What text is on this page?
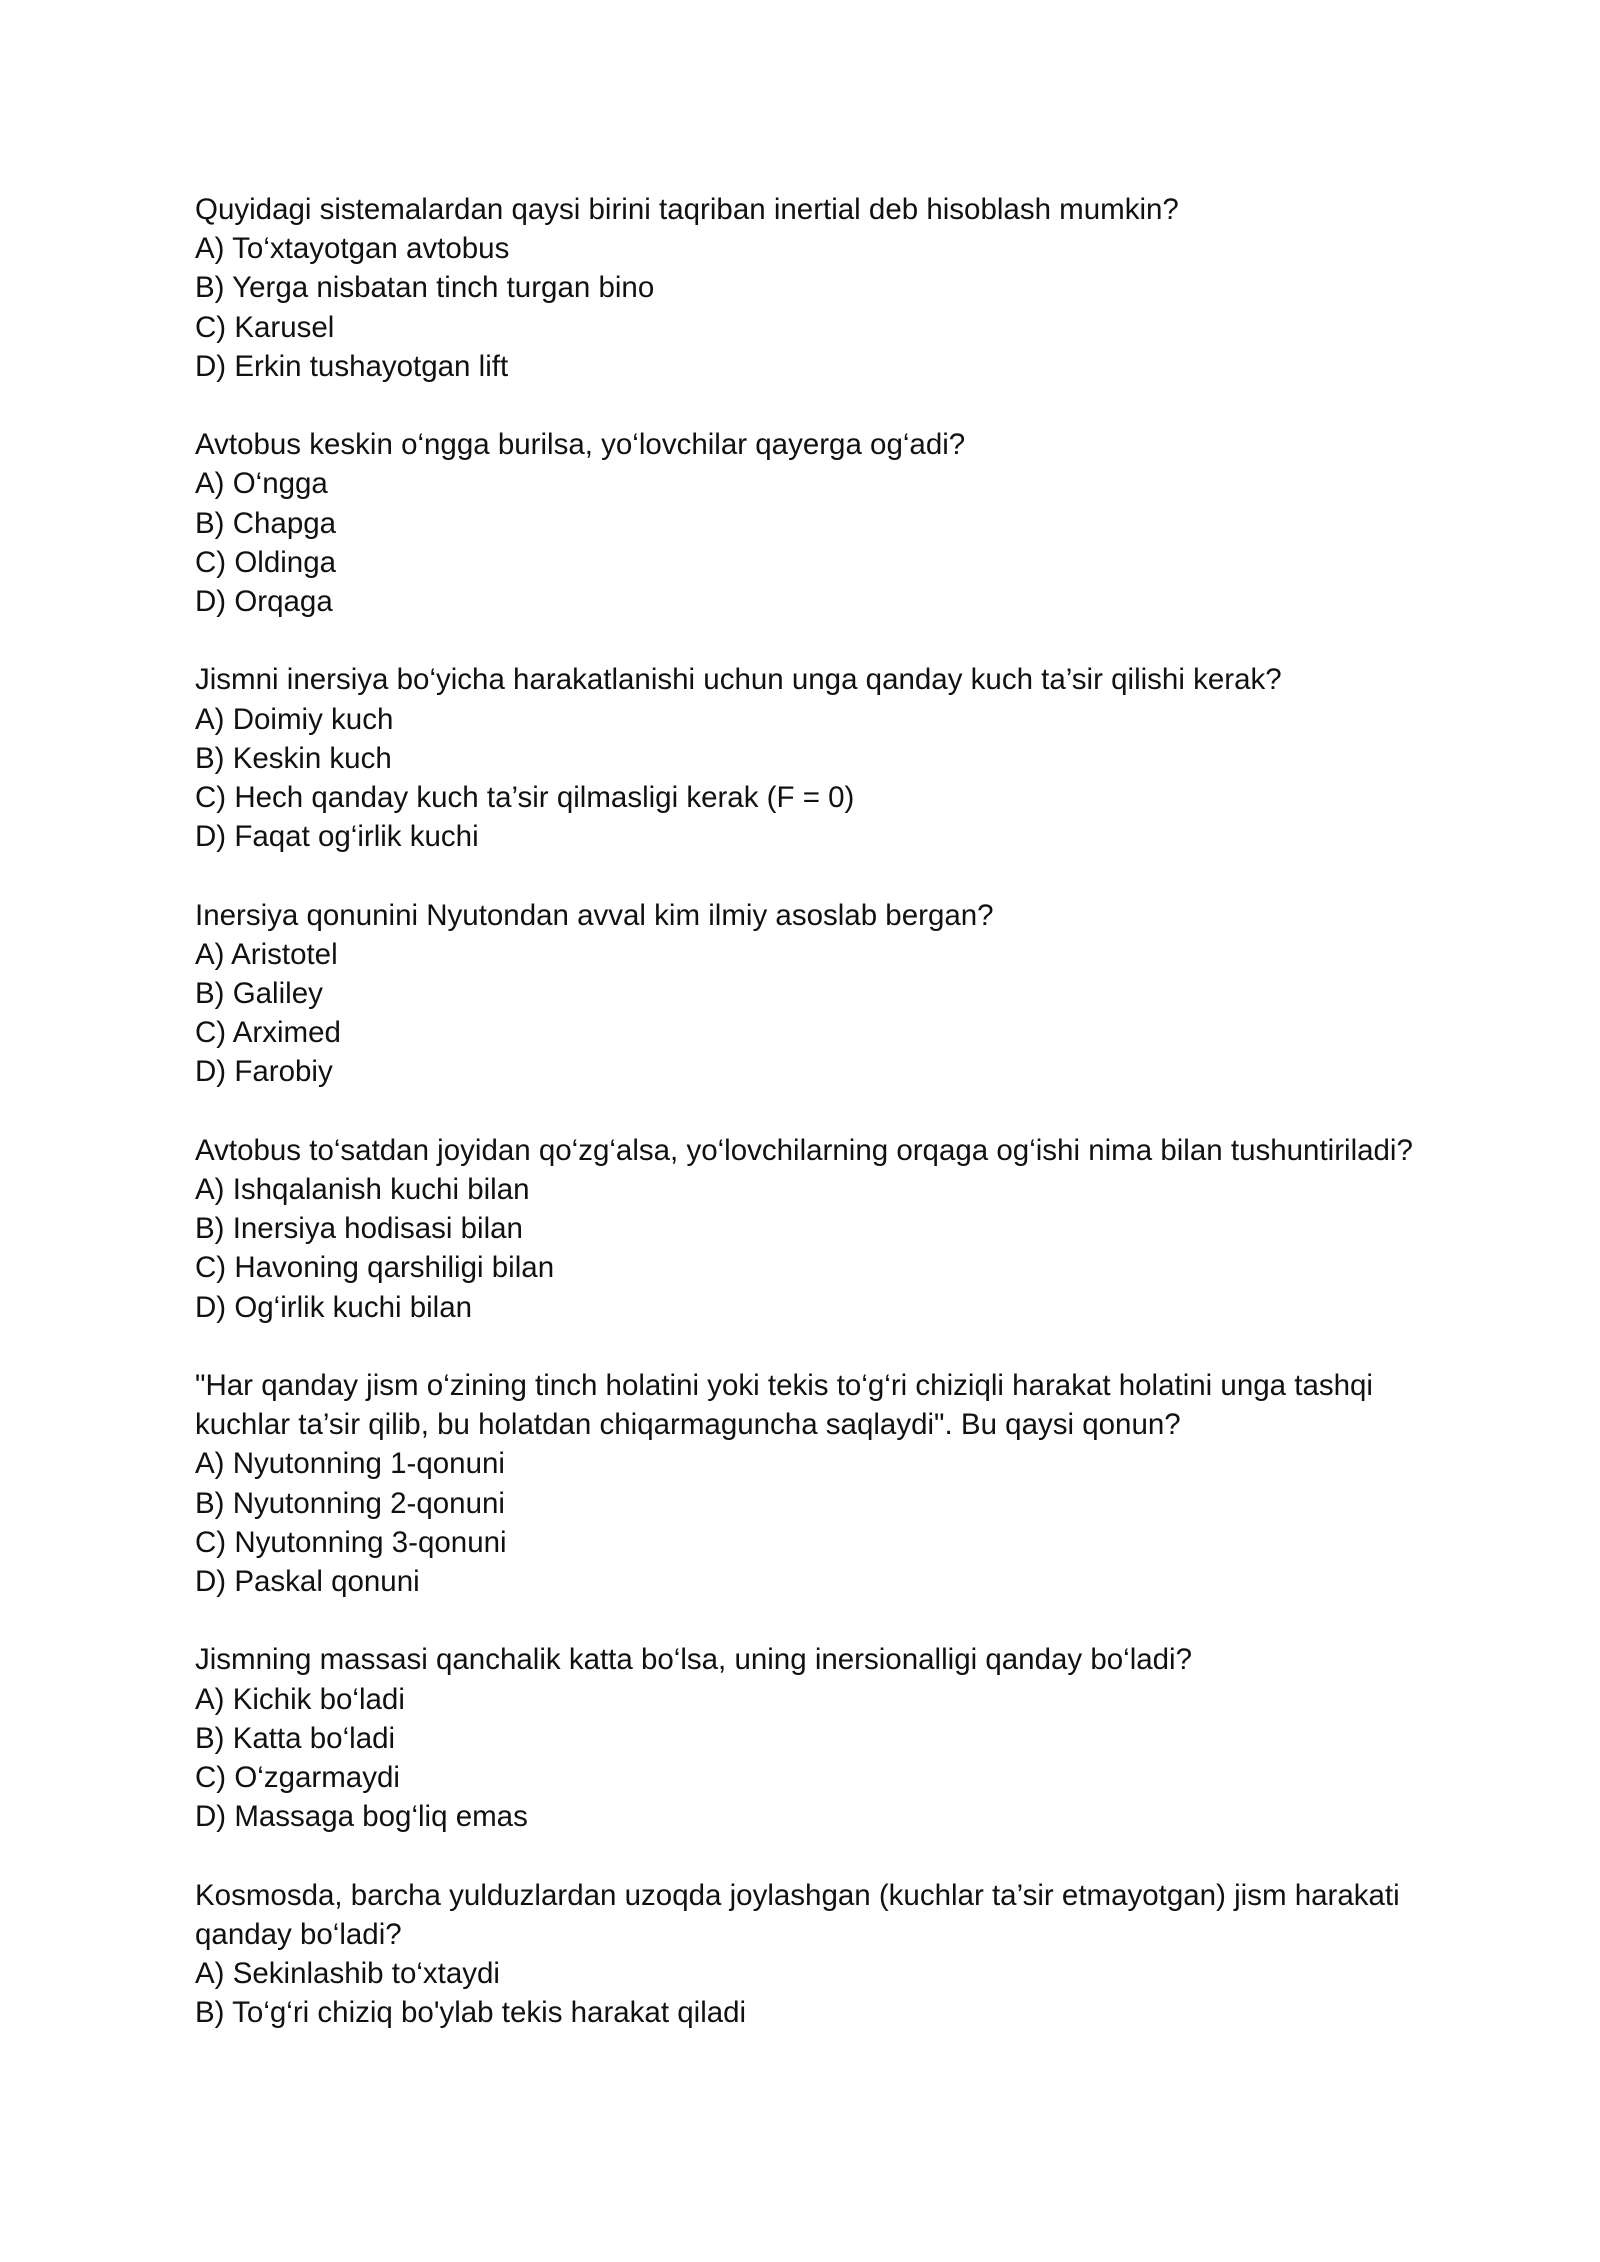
Quyidagi sistemalardan qaysi birini taqriban inertial deb hisoblash mumkin?
A) To‘xtayotgan avtobus
B) Yerga nisbatan tinch turgan bino
C) Karusel
D) Erkin tushayotgan lift
Avtobus keskin o‘ngga burilsa, yo‘lovchilar qayerga og‘adi?
A) O‘ngga
B) Chapga
C) Oldinga
D) Orqaga
Jismni inersiya bo‘yicha harakatlanishi uchun unga qanday kuch ta’sir qilishi kerak?
A) Doimiy kuch
B) Keskin kuch
C) Hech qanday kuch ta’sir qilmasligi kerak (F = 0)
D) Faqat og‘irlik kuchi
Inersiya qonunini Nyutondan avval kim ilmiy asoslab bergan?
A) Aristotel
B) Galiley
C) Arximed
D) Farobiy
Avtobus to‘satdan joyidan qo‘zg‘alsa, yo‘lovchilarning orqaga og‘ishi nima bilan tushuntiriladi?
A) Ishqalanish kuchi bilan
B) Inersiya hodisasi bilan
C) Havoning qarshiligi bilan
D) Og‘irlik kuchi bilan
"Har qanday jism o‘zining tinch holatini yoki tekis to‘g‘ri chiziqli harakat holatini unga tashqi kuchlar ta’sir qilib, bu holatdan chiqarmaguncha saqlaydi". Bu qaysi qonun?
A) Nyutonning 1-qonuni
B) Nyutonning 2-qonuni
C) Nyutonning 3-qonuni
D) Paskal qonuni
Jismning massasi qanchalik katta bo‘lsa, uning inersionalligi qanday bo‘ladi?
A) Kichik bo‘ladi
B) Katta bo‘ladi
C) O‘zgarmaydi
D) Massaga bog‘liq emas
Kosmosda, barcha yulduzlardan uzoqda joylashgan (kuchlar ta’sir etmayotgan) jism harakati qanday bo‘ladi?
A) Sekinlashib to‘xtaydi
B) To‘g‘ri chiziq bo'ylab tekis harakat qiladi
